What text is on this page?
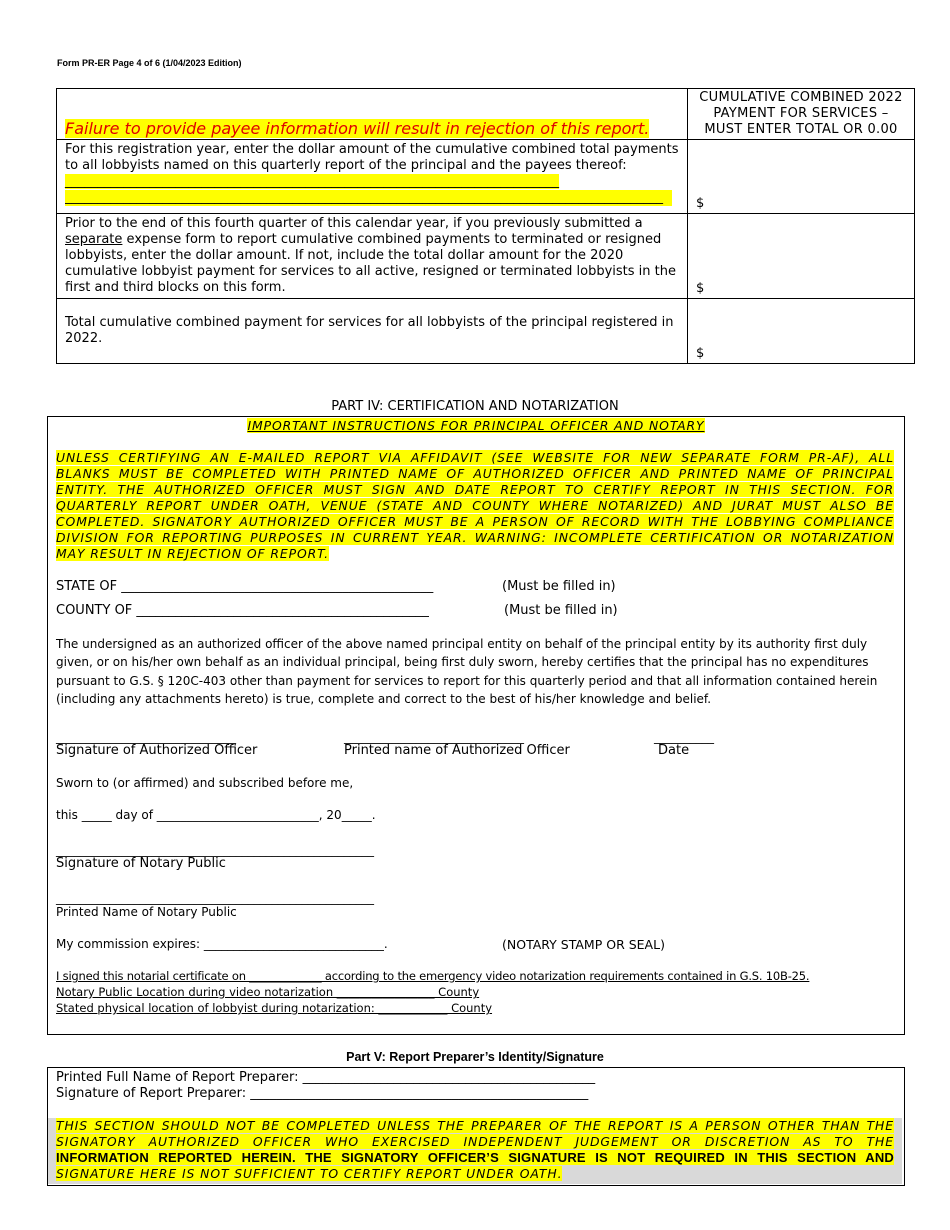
Form PR-ER Page 4 of 6 (1/04/2023 Edition)
Failure to provide payee information will result in rejection of this report.	CUMULATIVE COMBINED 2022 PAYMENT FOR SERVICES – MUST ENTER TOTAL OR 0.00
For this registration year, enter the dollar amount of the cumulative combined total payments to all lobbyists named on this quarterly report of the principal and the payees thereof: ____________________________________________________________________________
____________________________________________________________________________________________	$
Prior to the end of this fourth quarter of this calendar year, if you previously submitted a separate expense form to report cumulative combined payments to terminated or resigned lobbyists, enter the dollar amount. If not, include the total dollar amount for the 2020 cumulative lobbyist payment for services to all active, resigned or terminated lobbyists in the first and third blocks on this form.	$
Total cumulative combined payment for services for all lobbyists of the principal registered in 2022.	$
PART IV: CERTIFICATION AND NOTARIZATION
IMPORTANT INSTRUCTIONS FOR PRINCIPAL OFFICER AND NOTARY
UNLESS CERTIFYING AN E-MAILED REPORT VIA AFFIDAVIT (SEE WEBSITE FOR NEW SEPARATE FORM PR-AF), ALL BLANKS MUST BE COMPLETED WITH PRINTED NAME OF AUTHORIZED OFFICER AND PRINTED NAME OF PRINCIPAL ENTITY. THE AUTHORIZED OFFICER MUST SIGN AND DATE REPORT TO CERTIFY REPORT IN THIS SECTION. FOR QUARTERLY REPORT UNDER OATH, VENUE (STATE AND COUNTY WHERE NOTARIZED) AND JURAT MUST ALSO BE COMPLETED. SIGNATORY AUTHORIZED OFFICER MUST BE A PERSON OF RECORD WITH THE LOBBYING COMPLIANCE DIVISION FOR REPORTING PURPOSES IN CURRENT YEAR. WARNING: INCOMPLETE CERTIFICATION OR NOTARIZATION MAY RESULT IN REJECTION OF REPORT.
STATE OF ________________________________________________	(Must be filled in)
COUNTY OF _____________________________________________	(Must be filled in)
The undersigned as an authorized officer of the above named principal entity on behalf of the principal entity by its authority first duly given, or on his/her own behalf as an individual principal, being first duly sworn, hereby certifies that the principal has no expenditures pursuant to G.S. § 120C-403 other than payment for services to report for this quarterly period and that all information contained herein (including any attachments hereto) is true, complete and correct to the best of his/her knowledge and belief.
______________________________	______________________________	__________
Signature of Authorized Officer	Printed name of Authorized Officer	Date
Sworn to (or affirmed) and subscribed before me,
this _____ day of ___________________________, 20_____.
_____________________________________________________
Signature of Notary Public
_____________________________________________________
Printed Name of Notary Public
My commission expires: ______________________________.	(NOTARY STAMP OR SEAL)
I signed this notarial certificate on _____________ according to the emergency video notarization requirements contained in G.S. 10B-25.
Notary Public Location during video notarization _________________ County
Stated physical location of lobbyist during notarization: ____________ County
Part V: Report Preparer’s Identity/Signature
Printed Full Name of Report Preparer: _____________________________________________
Signature of Report Preparer: ____________________________________________________
THIS SECTION SHOULD NOT BE COMPLETED UNLESS THE PREPARER OF THE REPORT IS A PERSON OTHER THAN THE SIGNATORY AUTHORIZED OFFICER WHO EXERCISED INDEPENDENT JUDGEMENT OR DISCRETION AS TO THE INFORMATION REPORTED HEREIN. THE SIGNATORY OFFICER’S SIGNATURE IS NOT REQUIRED IN THIS SECTION AND SIGNATURE HERE IS NOT SUFFICIENT TO CERTIFY REPORT UNDER OATH.
